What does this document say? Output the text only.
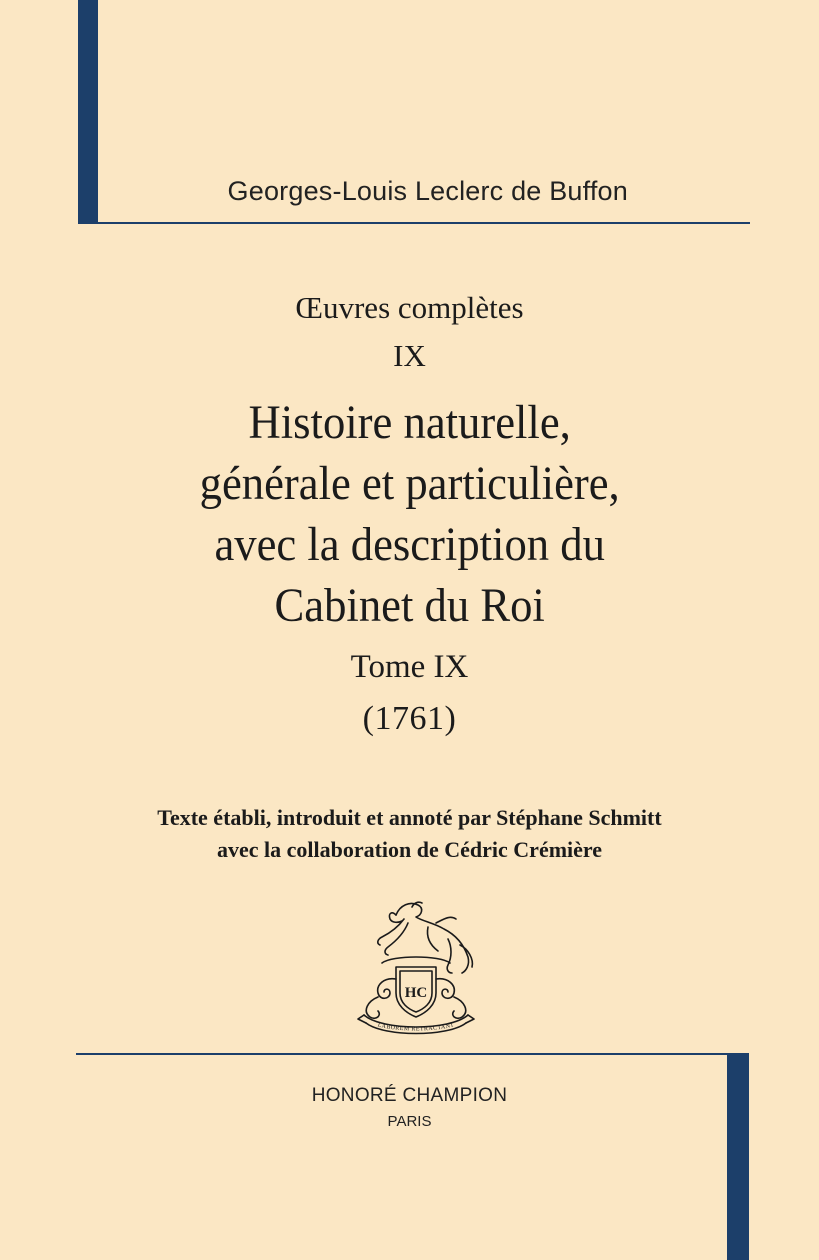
Georges-Louis Leclerc de Buffon
Œuvres complètes
IX
Histoire naturelle,
générale et particulière,
avec la description du
Cabinet du Roi
Tome IX
(1761)
Texte établi, introduit et annoté par Stéphane Schmitt
avec la collaboration de Cédric Crémière
HC
LABOREM RETRACTANT
HONORÉ CHAMPION
PARIS
